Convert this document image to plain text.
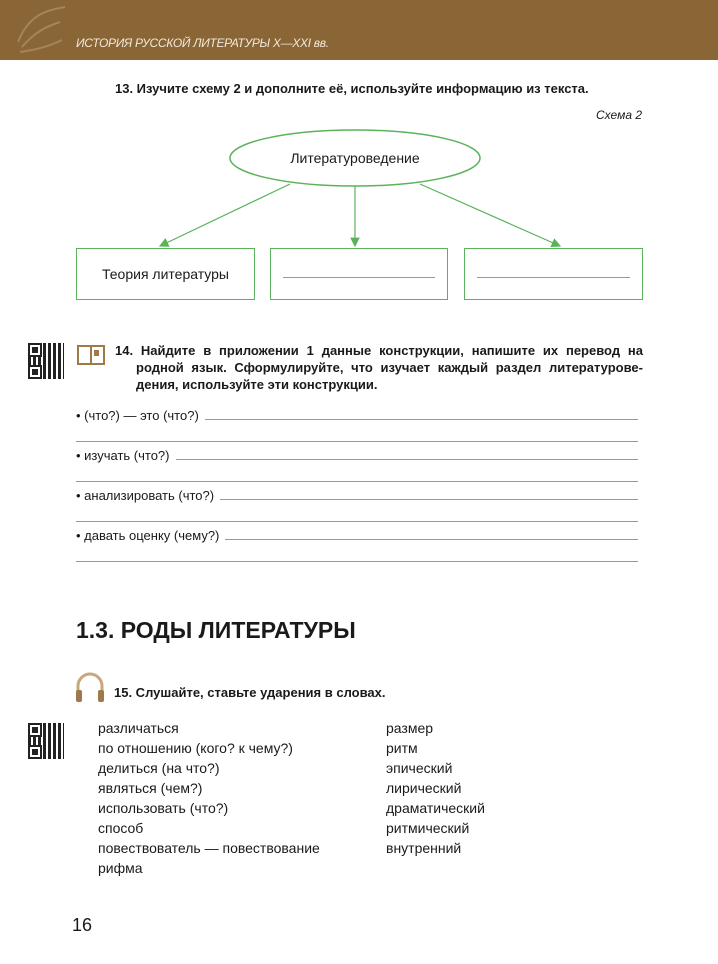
ИСТОРИЯ РУССКОЙ ЛИТЕРАТУРЫ X—XXI вв.
13. Изучите схему 2 и дополните её, используйте информацию из текста.
Схема 2
Литературоведение
Теория литературы
14. Найдите в приложении 1 данные конструкции, напишите их перевод на
родной язык. Сформулируйте, что изучает каждый раздел литературове-
дения, используйте эти конструкции.
• (что?) — это (что?)
• изучать (что?)
• анализировать (что?)
• давать оценку (чему?)
1.3. РОДЫ ЛИТЕРАТУРЫ
15. Слушайте, ставьте ударения в словах.
различаться
по отношению (кого? к чему?)
делиться (на что?)
являться (чем?)
использовать (что?)
способ
повествователь — повествование
рифма
размер
ритм
эпический
лирический
драматический
ритмический
внутренний
16
